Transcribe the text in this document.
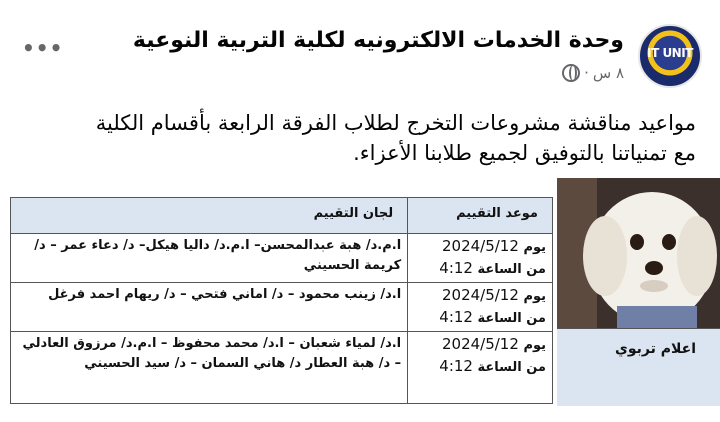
IT UNIT
وحدة الخدمات الالكترونيه لكلية التربية النوعية
٨ س
·
•••
مواعيد مناقشة مشروعات التخرج لطلاب الفرقة الرابعة بأقسام الكلية
مع تمنياتنا بالتوفيق لجميع طلابنا الأعزاء.
موعد التقييم	لجان التقييم

يوم 2024/5/12
من الساعة 4:12	ا.م.د/ هبة عبدالمحسن– ا.م.د/ داليا هيكل– د/ دعاء عمر – د/ كريمة الحسيني

يوم 2024/5/12
من الساعة 4:12	ا.د/ زينب محمود – د/ اماني فتحي – د/ ريهام احمد فرغل

يوم 2024/5/12
من الساعة 4:12	ا.د/ لمياء شعبان – ا.د/ محمد محفوظ – ا.م.د/ مرزوق العادلي – د/ هبة العطار د/ هاني السمان – د/ سيد الحسيني
اعلام تربوي
